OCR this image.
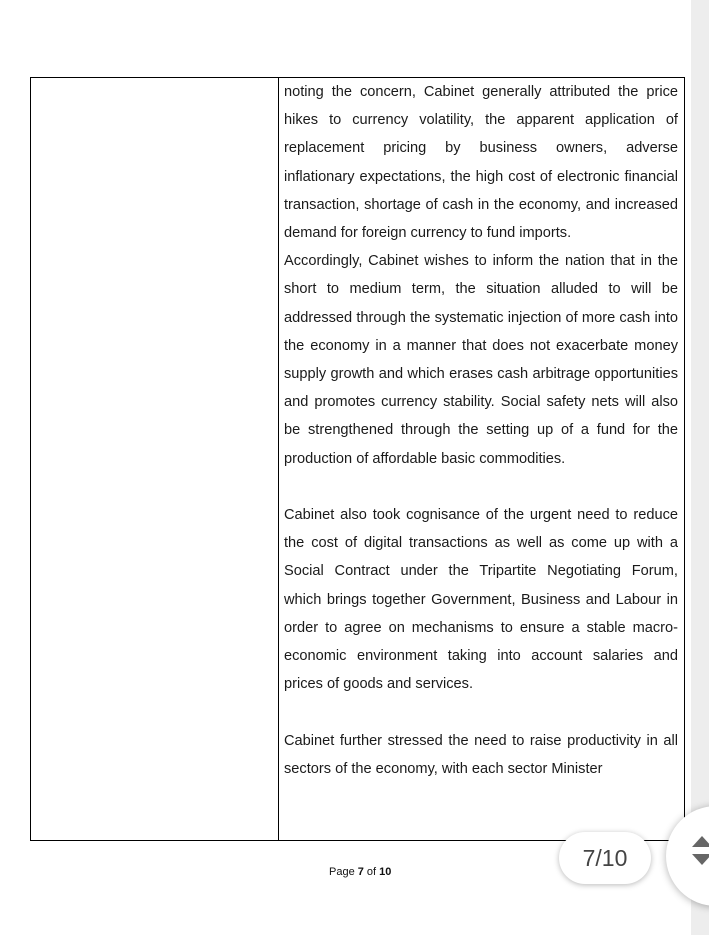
noting the concern, Cabinet generally attributed the price hikes to currency volatility, the apparent application of replacement pricing by business owners, adverse inflationary expectations, the high cost of electronic financial transaction, shortage of cash in the economy, and increased demand for foreign currency to fund imports.

Accordingly, Cabinet wishes to inform the nation that in the short to medium term, the situation alluded to will be addressed through the systematic injection of more cash into the economy in a manner that does not exacerbate money supply growth and which erases cash arbitrage opportunities and promotes currency stability. Social safety nets will also be strengthened through the setting up of a fund for the production of affordable basic commodities.

Cabinet also took cognisance of the urgent need to reduce the cost of digital transactions as well as come up with a Social Contract under the Tripartite Negotiating Forum, which brings together Government, Business and Labour in order to agree on mechanisms to ensure a stable macro-economic environment taking into account salaries and prices of goods and services.

Cabinet further stressed the need to raise productivity in all sectors of the economy, with each sector Minister

Page 7 of 10
7/10
